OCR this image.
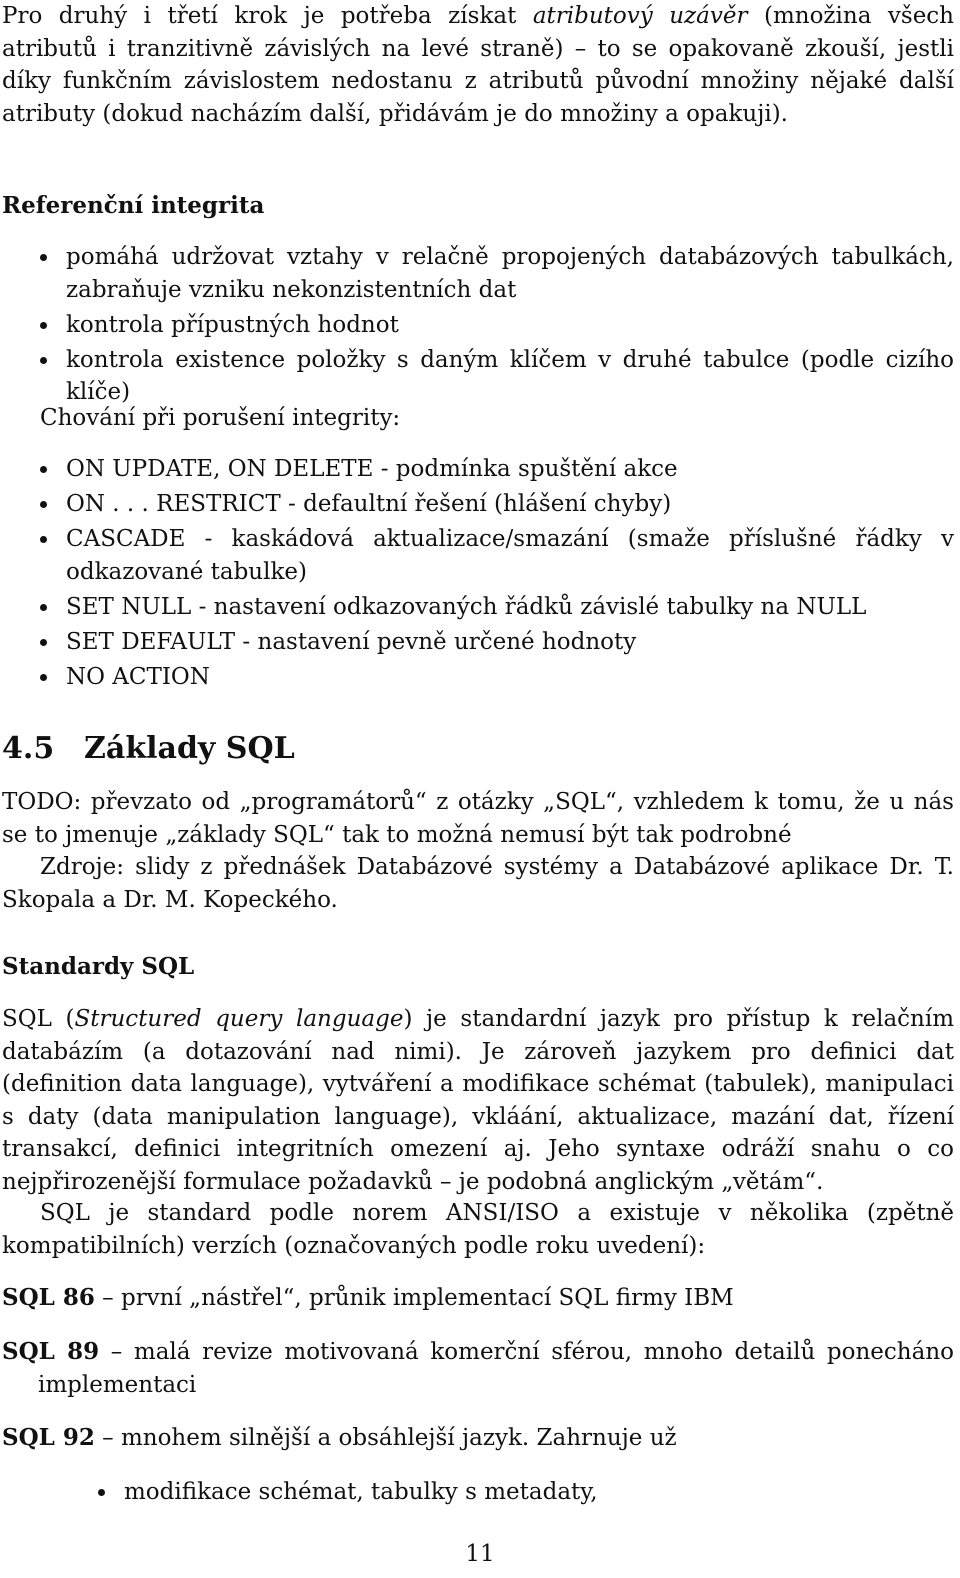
Pro druhý i třetí krok je potřeba získat atributový uzávěr (množina všech atributů i tranzitivně závislých na levé straně) – to se opakovaně zkouší, jestli díky funkčním závislostem nedostanu z atributů původní množiny nějaké další atributy (dokud nacházím další, přidávám je do množiny a opakuji).

Referenční integrita
pomáhá udržovat vztahy v relačně propojených databázových tabulkách, zabraňuje vzniku nekonzistentních dat
kontrola přípustných hodnot
kontrola existence položky s daným klíčem v druhé tabulce (podle cizího klíče)
Chování při porušení integrity:
ON UPDATE, ON DELETE - podmínka spuštění akce
ON . . . RESTRICT - defaultní řešení (hlášení chyby)
CASCADE - kaskádová aktualizace/smazání (smaže příslušné řádky v odkazované tabulke)
SET NULL - nastavení odkazovaných řádků závislé tabulky na NULL
SET DEFAULT - nastavení pevně určené hodnoty
NO ACTION
4.5 Základy SQL

TODO: převzato od „programátorů“ z otázky „SQL“, vzhledem k tomu, že u nás se to jmenuje „základy SQL“ tak to možná nemusí být tak podrobné

Zdroje: slidy z přednášek Databázové systémy a Databázové aplikace Dr. T. Skopala a Dr. M. Kopeckého.

Standardy SQL

SQL (Structured query language) je standardní jazyk pro přístup k relačním databázím (a dotazování nad nimi). Je zároveň jazykem pro definici dat (definition data language), vytváření a modifikace schémat (tabulek), manipulaci s daty (data manipulation language), vkláání, aktualizace, mazání dat, řízení transakcí, definici integritních omezení aj. Jeho syntaxe odráží snahu o co nejpřirozenější formulace požadavků – je podobná anglickým „větám“.

SQL je standard podle norem ANSI/ISO a existuje v několika (zpětně kompatibilních) verzích (označovaných podle roku uvedení):

SQL 86 – první „nástřel“, průnik implementací SQL firmy IBM

SQL 89 – malá revize motivovaná komerční sférou, mnoho detailů ponecháno implementaci

SQL 92 – mnohem silnější a obsáhlejší jazyk. Zahrnuje už

modifikace schémat, tabulky s metadaty,
11
